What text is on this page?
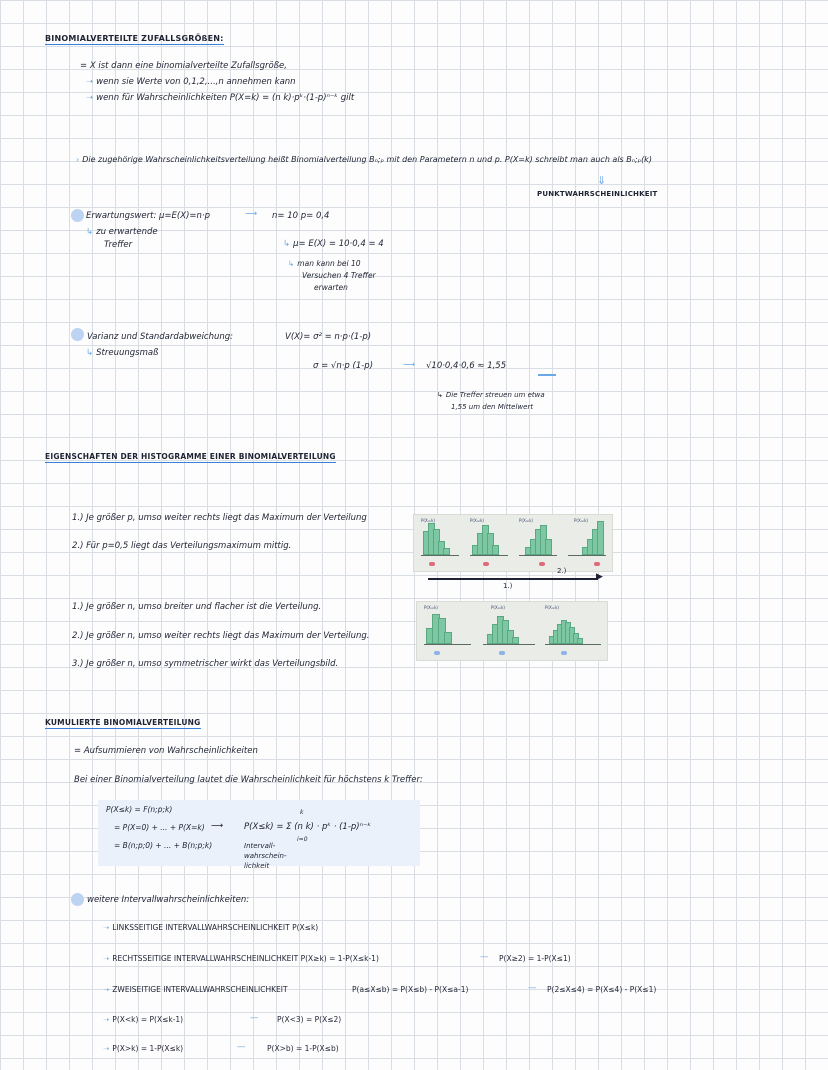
BINOMIALVERTEILTE ZUFALLSGRÖßEN:
= X ist dann eine binomialverteilte Zufallsgröße,
➝ wenn sie Werte von 0,1,2,...,n annehmen kann
➝ wenn für Wahrscheinlichkeiten P(X=k) = (n k)·pᵏ·(1-p)ⁿ⁻ᵏ gilt
› Die zugehörige Wahrscheinlichkeitsverteilung heißt Binomialverteilung Bₙ;ₚ mit den Parametern n und p. P(X=k) schreibt man auch als Bₙ;ₚ(k)
⇓
PUNKTWAHRSCHEINLICHKEIT
Erwartungswert: μ=E(X)=n·p	⟶
↳ zu erwartende
Treffer
n= 10 p= 0,4
↳ μ= E(X) = 10·0,4 = 4
↳ man kann bei 10
Versuchen 4 Treffer
erwarten
Varianz und Standardabweichung:
↳ Streuungsmaß
V(X)= σ² = n·p·(1-p)
σ = √n·p (1-p)	⟶ √10·0,4·0,6 ≈ 1,55
↳ Die Treffer streuen um etwa
1,55 um den Mittelwert
EIGENSCHAFTEN DER HISTOGRAMME EINER BINOMIALVERTEILUNG
1.) Je größer p, umso weiter rechts liegt das Maximum der Verteilung
2.) Für p=0,5 liegt das Verteilungsmaximum mittig.
P(X=k)	P(X=k)	P(X=k)	P(X=k)
2.)
▶
1.)
1.) Je größer n, umso breiter und flacher ist die Verteilung.
2.) Je größer n, umso weiter rechts liegt das Maximum der Verteilung.
3.) Je größer n, umso symmetrischer wirkt das Verteilungsbild.
P(X=k)	P(X=k)	P(X=k)
KUMULIERTE BINOMIALVERTEILUNG
= Aufsummieren von Wahrscheinlichkeiten
Bei einer Binomialverteilung lautet die Wahrscheinlichkeit für höchstens k Treffer:
P(X≤k) = F(n;p;k)
= P(X=0) + ... + P(X=k) ⟶
= B(n;p;0) + ... + B(n;p;k)
k
P(X≤k) = Σ (n k) · pᵏ · (1-p)ⁿ⁻ᵏ
i=0
Intervall-
wahrschein-
lichkeit
weitere Intervallwahrscheinlichkeiten:
➝ LINKSSEITIGE INTERVALLWAHRSCHEINLICHKEIT P(X≤k)
➝ RECHTSSEITIGE INTERVALLWAHRSCHEINLICHKEIT P(X≥k) = 1-P(X≤k-1)	— P(X≥2) = 1-P(X≤1)
➝ ZWEISEITIGE INTERVALLWAHRSCHEINLICHKEIT	P(a≤X≤b) = P(X≤b) - P(X≤a-1)	— P(2≤X≤4) = P(X≤4) - P(X≤1)
➝ P(X<k) = P(X≤k-1)	— P(X<3) = P(X≤2)
➝ P(X>k) = 1-P(X≤k)	—	P(X>b) = 1-P(X≤b)
